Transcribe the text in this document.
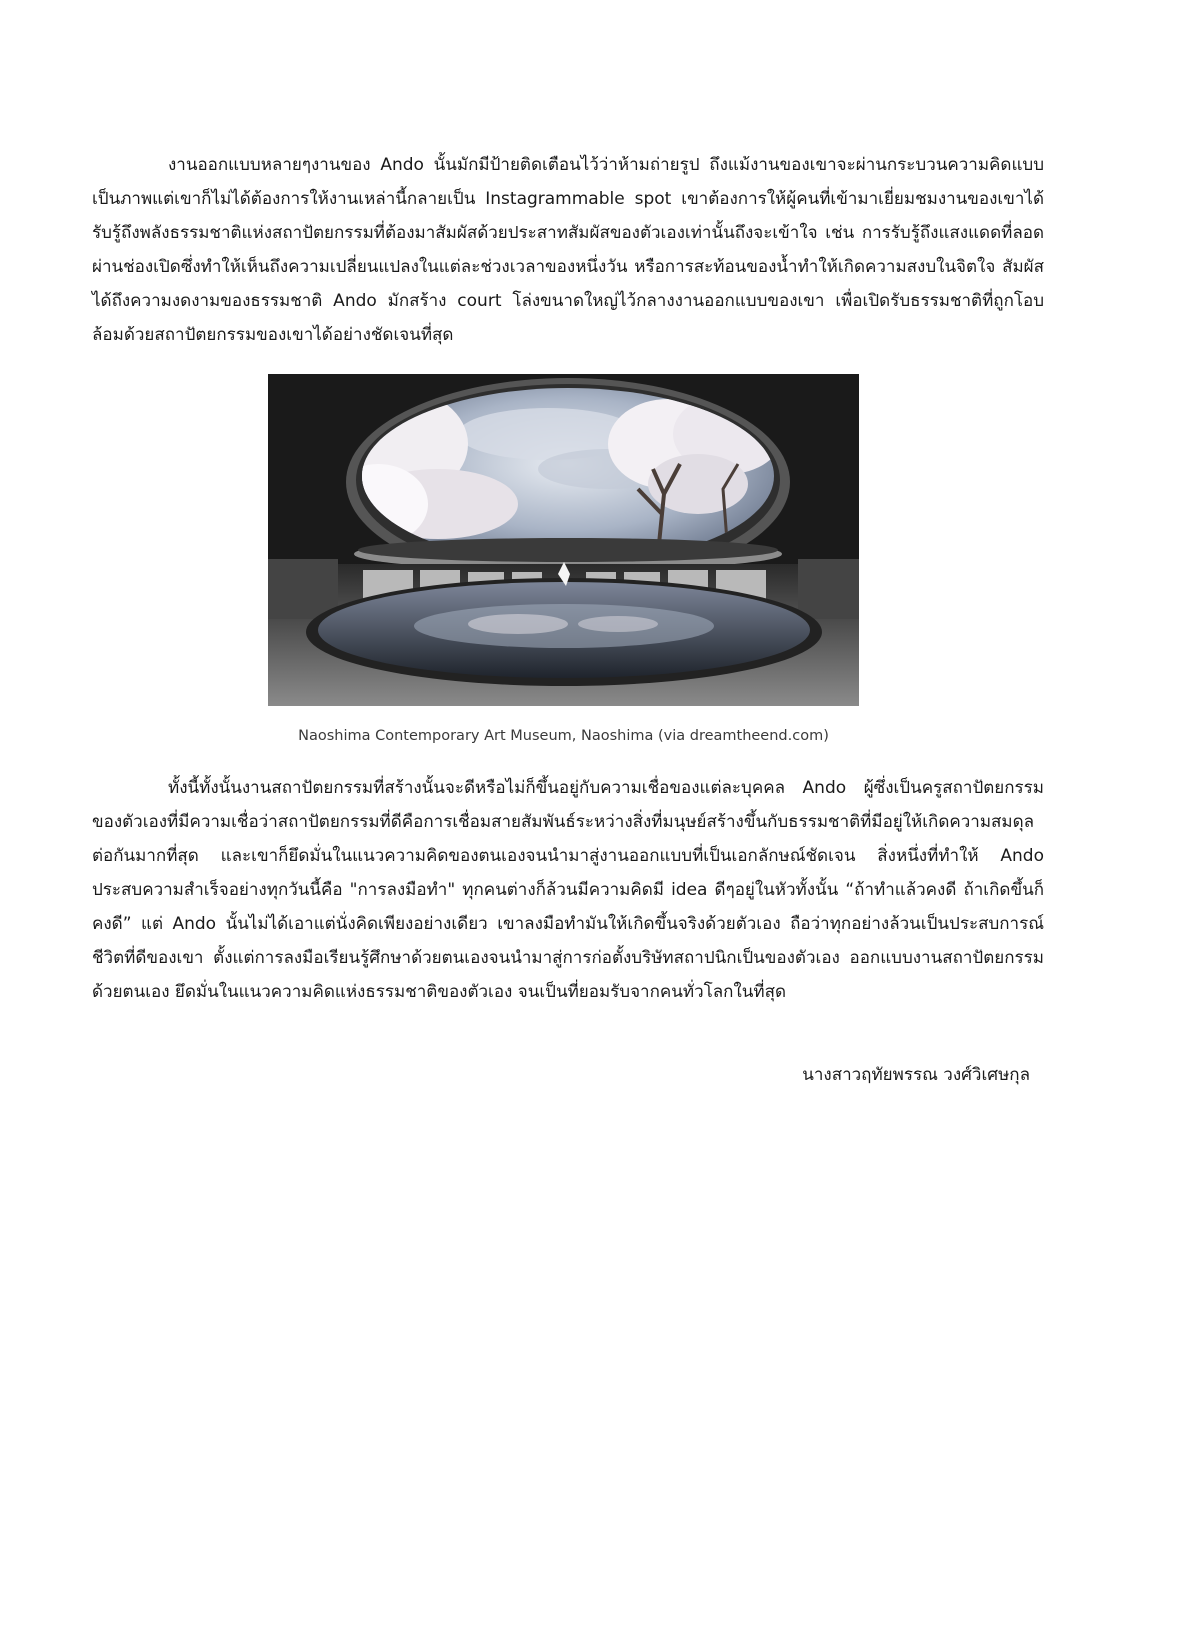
งานออกแบบหลายๆงานของ Ando นั้นมักมีป้ายติดเตือนไว้ว่าห้ามถ่ายรูป ถึงแม้งานของเขาจะผ่านกระบวนความคิดแบบเป็นภาพแต่เขาก็ไม่ได้ต้องการให้งานเหล่านี้กลายเป็น Instagrammable spot เขาต้องการให้ผู้คนที่เข้ามาเยี่ยมชมงานของเขาได้รับรู้ถึงพลังธรรมชาติแห่งสถาปัตยกรรมที่ต้องมาสัมผัสด้วยประสาทสัมผัสของตัวเองเท่านั้นถึงจะเข้าใจ เช่น การรับรู้ถึงแสงแดดที่ลอดผ่านช่องเปิดซึ่งทำให้เห็นถึงความเปลี่ยนแปลงในแต่ละช่วงเวลาของหนึ่งวัน หรือการสะท้อนของน้ำทำให้เกิดความสงบในจิตใจ สัมผัสได้ถึงความงดงามของธรรมชาติ Ando มักสร้าง court โล่งขนาดใหญ่ไว้กลางงานออกแบบของเขา เพื่อเปิดรับธรรมชาติที่ถูกโอบล้อมด้วยสถาปัตยกรรมของเขาได้อย่างชัดเจนที่สุด

Naoshima Contemporary Art Museum, Naoshima (via dreamtheend.com)

ทั้งนี้ทั้งนั้นงานสถาปัตยกรรมที่สร้างนั้นจะดีหรือไม่ก็ขึ้นอยู่กับความเชื่อของแต่ละบุคคล Ando ผู้ซึ่งเป็นครูสถาปัตยกรรมของตัวเองที่มีความเชื่อว่าสถาปัตยกรรมที่ดีคือการเชื่อมสายสัมพันธ์ระหว่างสิ่งที่มนุษย์สร้างขึ้นกับธรรมชาติที่มีอยู่ให้เกิดความสมดุลต่อกันมากที่สุด และเขาก็ยึดมั่นในแนวความคิดของตนเองจนนำมาสู่งานออกแบบที่เป็นเอกลักษณ์ชัดเจน สิ่งหนึ่งที่ทำให้ Ando ประสบความสำเร็จอย่างทุกวันนี้คือ "การลงมือทำ" ทุกคนต่างก็ล้วนมีความคิดมี idea ดีๆอยู่ในหัวทั้งนั้น “ถ้าทำแล้วคงดี ถ้าเกิดขึ้นก็คงดี” แต่ Ando นั้นไม่ได้เอาแต่นั่งคิดเพียงอย่างเดียว เขาลงมือทำมันให้เกิดขึ้นจริงด้วยตัวเอง ถือว่าทุกอย่างล้วนเป็นประสบการณ์ชีวิตที่ดีของเขา ตั้งแต่การลงมือเรียนรู้ศึกษาด้วยตนเองจนนำมาสู่การก่อตั้งบริษัทสถาปนิกเป็นของตัวเอง ออกแบบงานสถาปัตยกรรมด้วยตนเอง ยึดมั่นในแนวความคิดแห่งธรรมชาติของตัวเอง จนเป็นที่ยอมรับจากคนทั่วโลกในที่สุด

นางสาวฤทัยพรรณ วงศ์วิเศษกุล
